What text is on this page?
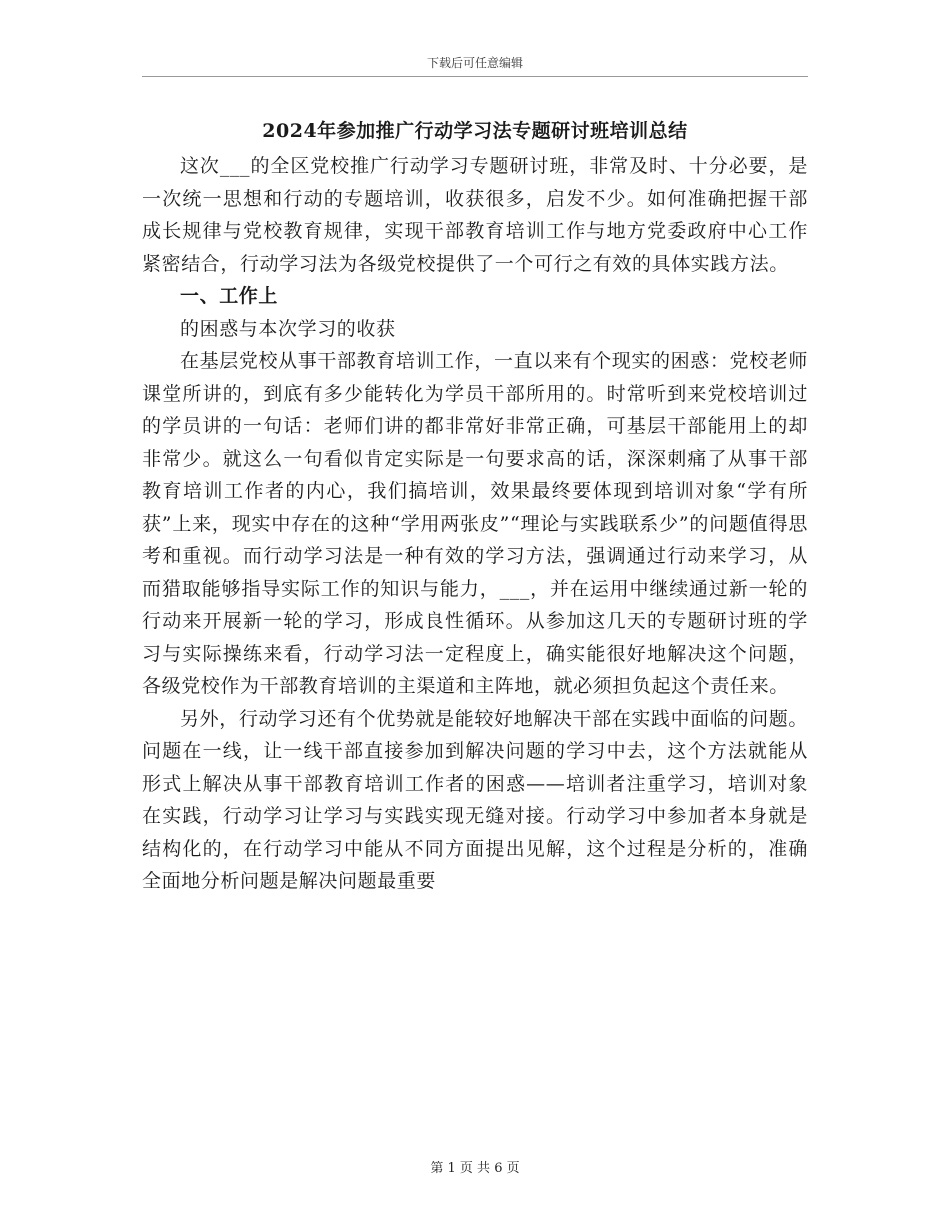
下载后可任意编辑
2024年参加推广行动学习法专题研讨班培训总结

这次___的全区党校推广行动学习专题研讨班，非常及时、十分必要，是一次统一思想和行动的专题培训，收获很多，启发不少。如何准确把握干部成长规律与党校教育规律，实现干部教育培训工作与地方党委政府中心工作紧密结合，行动学习法为各级党校提供了一个可行之有效的具体实践方法。

一、工作上

的困惑与本次学习的收获

在基层党校从事干部教育培训工作，一直以来有个现实的困惑：党校老师课堂所讲的，到底有多少能转化为学员干部所用的。时常听到来党校培训过的学员讲的一句话：老师们讲的都非常好非常正确，可基层干部能用上的却非常少。就这么一句看似肯定实际是一句要求高的话，深深刺痛了从事干部教育培训工作者的内心，我们搞培训，效果最终要体现到培训对象“学有所获”上来，现实中存在的这种“学用两张皮”“理论与实践联系少”的问题值得思考和重视。而行动学习法是一种有效的学习方法，强调通过行动来学习，从而猎取能够指导实际工作的知识与能力，___，并在运用中继续通过新一轮的行动来开展新一轮的学习，形成良性循环。从参加这几天的专题研讨班的学习与实际操练来看，行动学习法一定程度上，确实能很好地解决这个问题，各级党校作为干部教育培训的主渠道和主阵地，就必须担负起这个责任来。

另外，行动学习还有个优势就是能较好地解决干部在实践中面临的问题。问题在一线，让一线干部直接参加到解决问题的学习中去，这个方法就能从形式上解决从事干部教育培训工作者的困惑——培训者注重学习，培训对象在实践，行动学习让学习与实践实现无缝对接。行动学习中参加者本身就是结构化的，在行动学习中能从不同方面提出见解，这个过程是分析的，准确全面地分析问题是解决问题最重要

第 1 页 共 6 页
